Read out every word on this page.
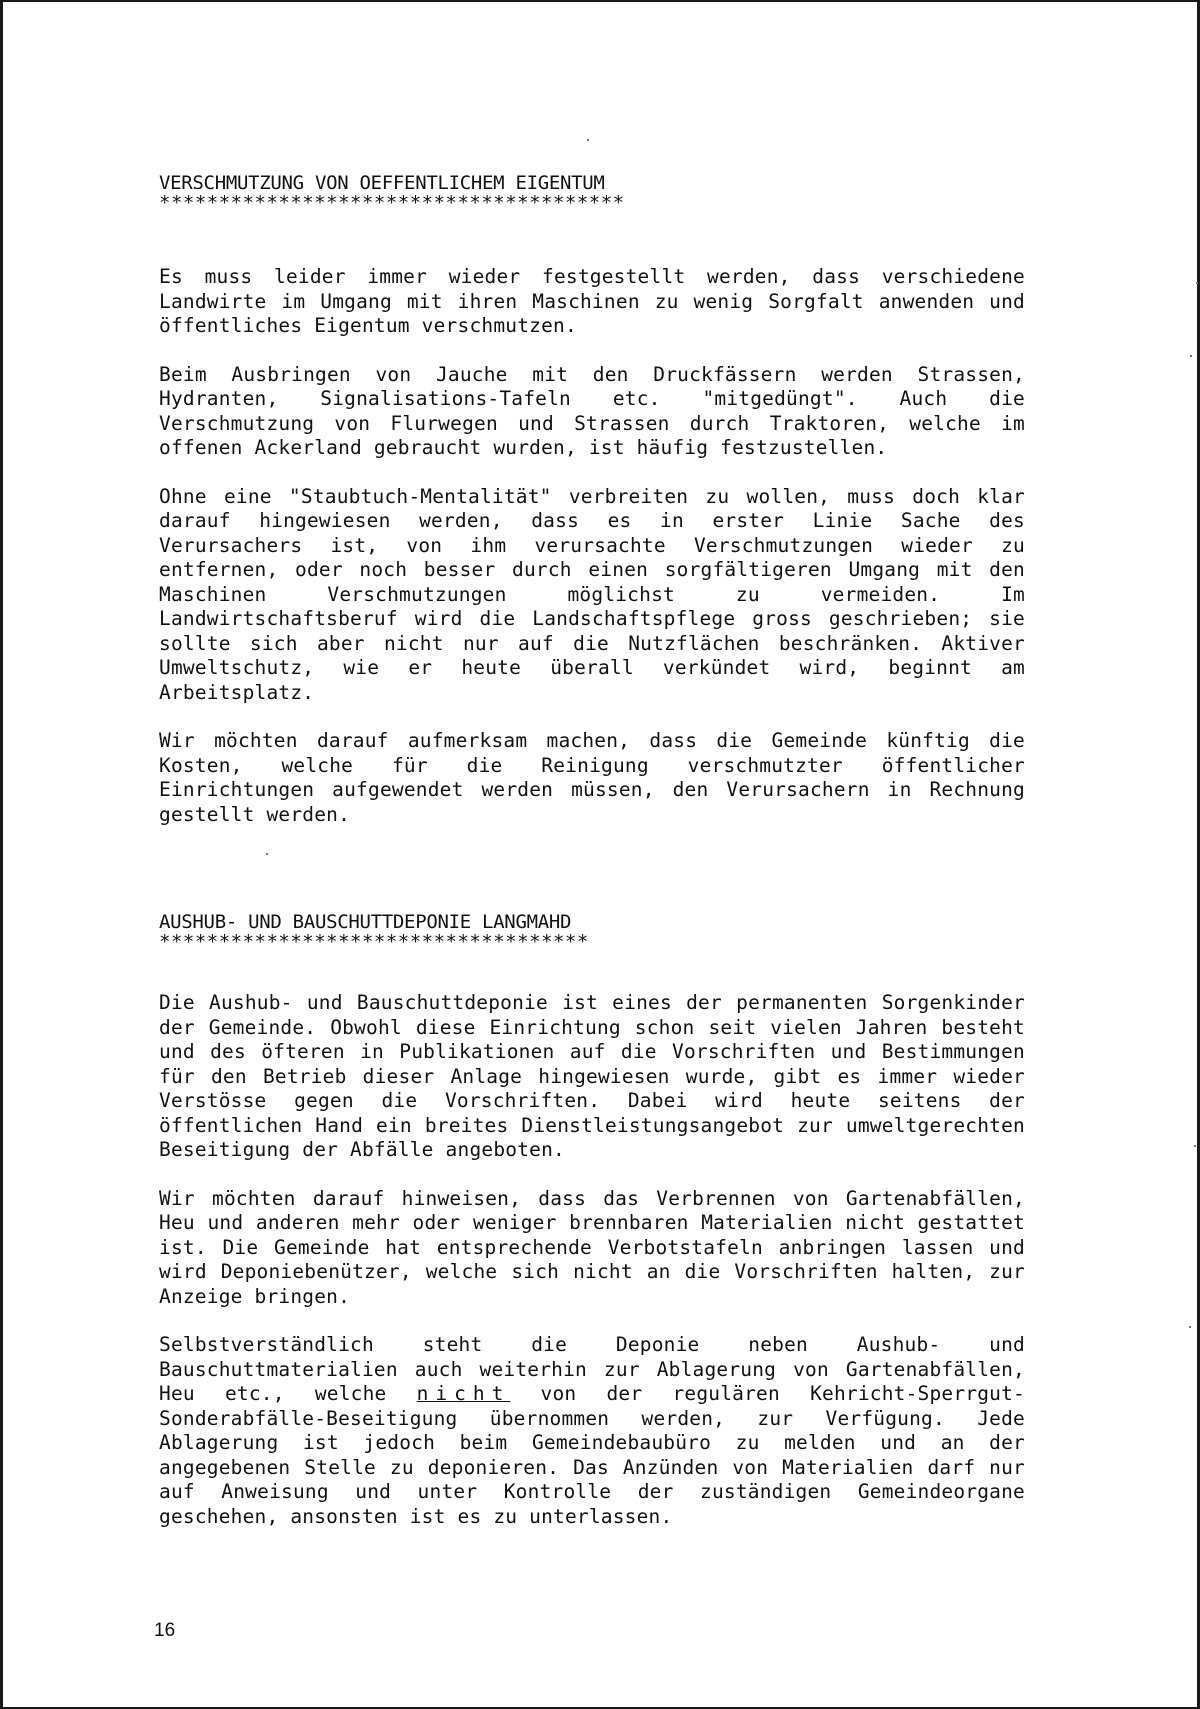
VERSCHMUTZUNG VON OEFFENTLICHEM EIGENTUM

***************************************

Es muss leider immer wieder festgestellt werden, dass verschiedene Landwirte im Umgang mit ihren Maschinen zu wenig Sorgfalt anwenden und öffentliches Eigentum verschmutzen.

Beim Ausbringen von Jauche mit den Druckfässern werden Strassen, Hydranten, Signalisations-Tafeln etc. "mitgedüngt". Auch die Verschmutzung von Flurwegen und Strassen durch Traktoren, welche im offenen Ackerland gebraucht wurden, ist häufig festzustellen.

Ohne eine "Staubtuch-Mentalität" verbreiten zu wollen, muss doch klar darauf hingewiesen werden, dass es in erster Linie Sache des Verursachers ist, von ihm verursachte Verschmutzungen wieder zu entfernen, oder noch besser durch einen sorgfältigeren Umgang mit den Maschinen Verschmutzungen möglichst zu vermeiden. Im Landwirtschaftsberuf wird die Landschaftspflege gross geschrieben; sie sollte sich aber nicht nur auf die Nutzflächen beschränken. Aktiver Umweltschutz, wie er heute überall verkündet wird, beginnt am Arbeitsplatz.

Wir möchten darauf aufmerksam machen, dass die Gemeinde künftig die Kosten, welche für die Reinigung verschmutzter öffentlicher Einrichtungen aufgewendet werden müssen, den Verursachern in Rechnung gestellt werden.

AUSHUB- UND BAUSCHUTTDEPONIE LANGMAHD

************************************

Die Aushub- und Bauschuttdeponie ist eines der permanenten Sorgenkinder der Gemeinde. Obwohl diese Einrichtung schon seit vielen Jahren besteht und des öfteren in Publikationen auf die Vorschriften und Bestimmungen für den Betrieb dieser Anlage hingewiesen wurde, gibt es immer wieder Verstösse gegen die Vorschriften. Dabei wird heute seitens der öffentlichen Hand ein breites Dienstleistungsangebot zur umweltgerechten Beseitigung der Abfälle angeboten.

Wir möchten darauf hinweisen, dass das Verbrennen von Gartenabfällen, Heu und anderen mehr oder weniger brennbaren Materialien nicht gestattet ist. Die Gemeinde hat entsprechende Verbotstafeln anbringen lassen und wird Deponiebenützer, welche sich nicht an die Vorschriften halten, zur Anzeige bringen.

Selbstverständlich steht die Deponie neben Aushub- und Bauschuttmaterialien auch weiterhin zur Ablagerung von Gartenabfällen, Heu etc., welche nicht von der regulären Kehricht-Sperrgut-Sonderabfälle-Beseitigung übernommen werden, zur Verfügung. Jede Ablagerung ist jedoch beim Gemeindebaubüro zu melden und an der angegebenen Stelle zu deponieren. Das Anzünden von Materialien darf nur auf Anweisung und unter Kontrolle der zuständigen Gemeindeorgane geschehen, ansonsten ist es zu unterlassen.

16
